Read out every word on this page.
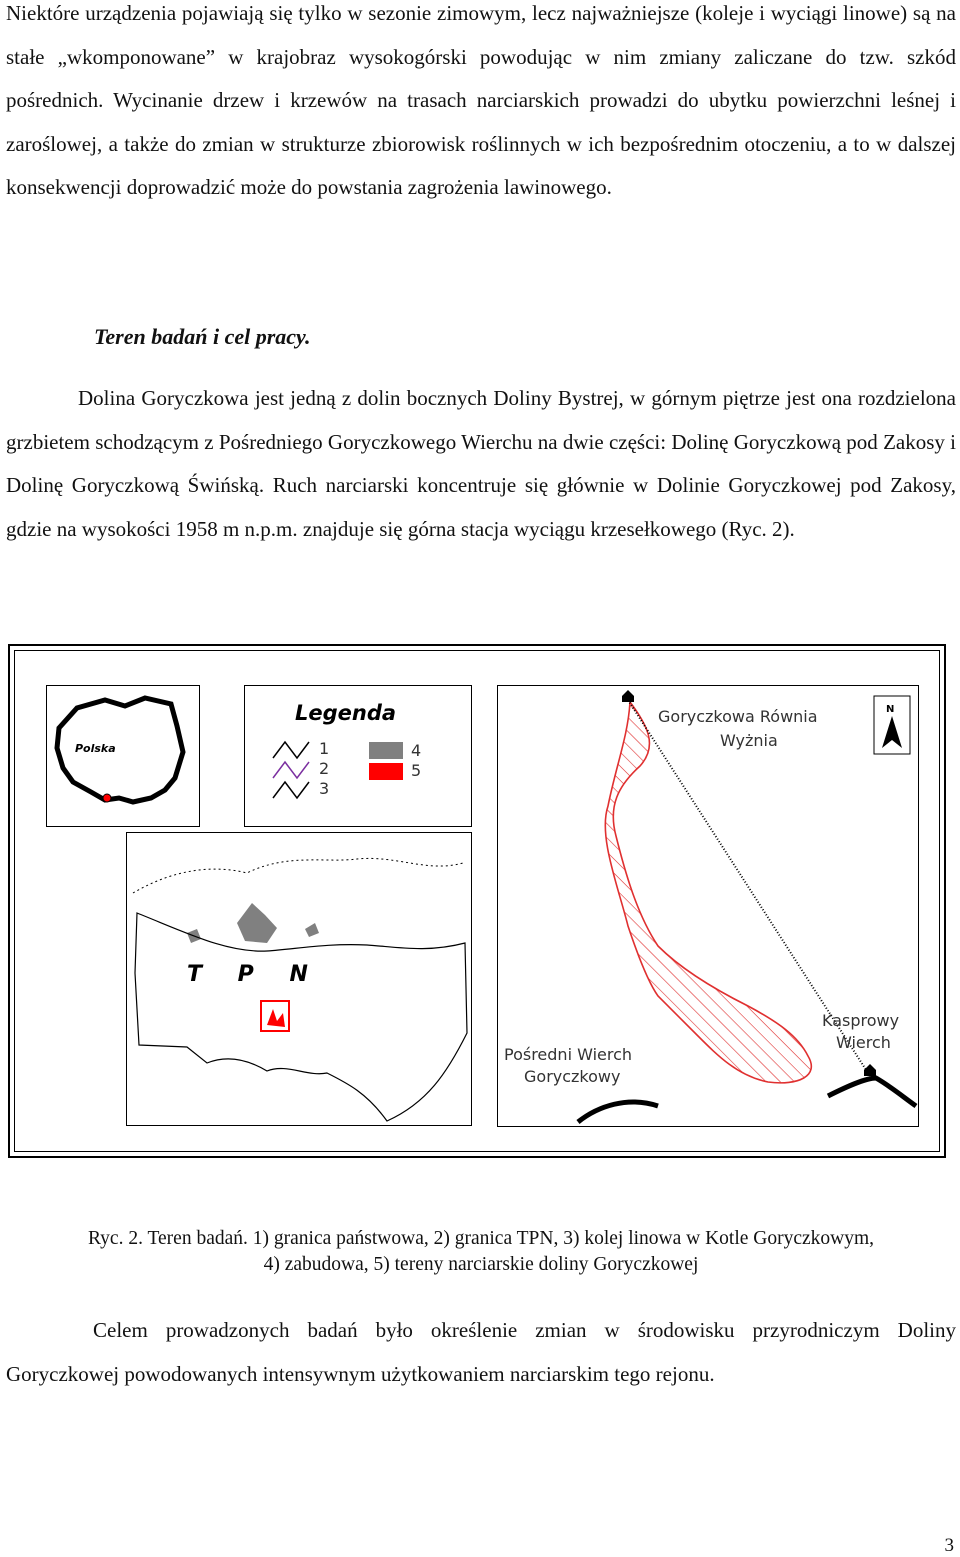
Niektóre urządzenia pojawiają się tylko w sezonie zimowym, lecz najważniejsze (koleje i wyciągi linowe) są na stałe „wkomponowane” w krajobraz wysokogórski powodując w nim zmiany zaliczane do tzw. szkód pośrednich. Wycinanie drzew i krzewów na trasach narciarskich prowadzi do ubytku powierzchni leśnej i zaroślowej, a także do zmian w strukturze zbiorowisk roślinnych w ich bezpośrednim otoczeniu, a to w dalszej konsekwencji doprowadzić może do powstania zagrożenia lawinowego.

Teren badań i cel pracy.

Dolina Goryczkowa jest jedną z dolin bocznych Doliny Bystrej, w górnym piętrze jest ona rozdzielona grzbietem schodzącym z Pośredniego Goryczkowego Wierchu na dwie części: Dolinę Goryczkową pod Zakosy i Dolinę Goryczkową Świńską. Ruch narciarski koncentruje się głównie w Dolinie Goryczkowej pod Zakosy, gdzie na wysokości 1958 m n.p.m. znajduje się górna stacja wyciągu krzesełkowego (Ryc. 2).

Polska
Legenda
1
2
3
4
5
T P N
Goryczkowa Równia
Wyżnia
Kasprowy
Wierch
Pośredni Wierch
Goryczkowy
N
Ryc. 2. Teren badań. 1) granica państwowa, 2) granica TPN, 3) kolej linowa w Kotle Goryczkowym,
4) zabudowa, 5) tereny narciarskie doliny Goryczkowej

Celem prowadzonych badań było określenie zmian w środowisku przyrodniczym Doliny Goryczkowej powodowanych intensywnym użytkowaniem narciarskim tego rejonu.

3
